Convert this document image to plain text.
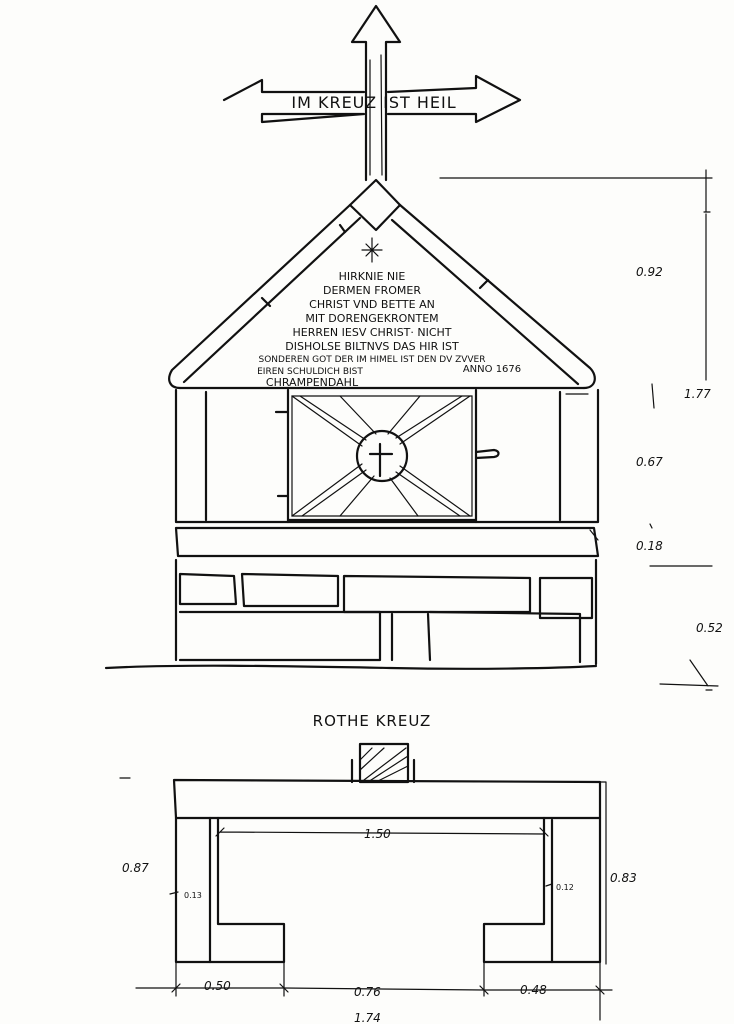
IM KREUZ IST HEIL
HIRKNIE NIE
DERMEN FROMER
CHRIST VND BETTE AN
MIT DORENGEKRONTEM
HERREN IESV CHRIST· NICHT
DISHOLSE BILTNVS DAS HIR IST
SONDEREN GOT DER IM HIMEL IST DEN DV ZVVER
EIREN SCHULDICH BIST	ANNO 1676
CHRAMPENDAHL
0.92
1.77
0.67
0.18
0.52
ROTHE KREUZ
1.50
0.87
0.83
0.13
0.12
0.50	0.76	0.48
1.74
